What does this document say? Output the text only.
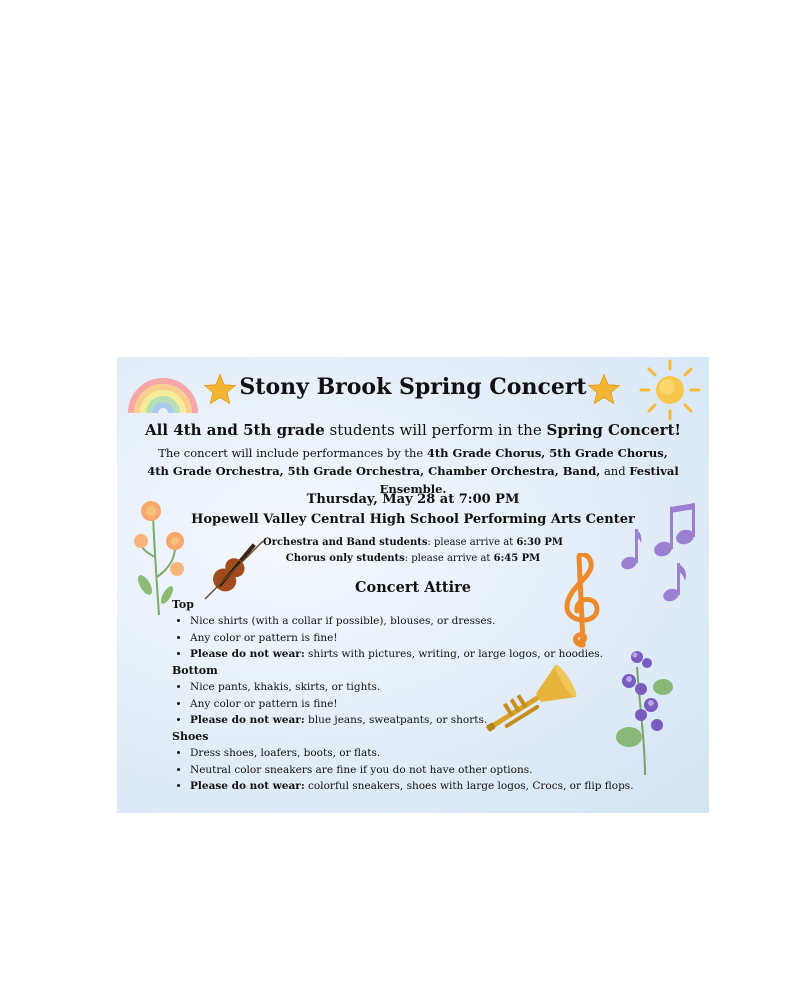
Stony Brook Spring Concert
All 4th and 5th grade students will perform in the Spring Concert!
The concert will include performances by the 4th Grade Chorus, 5th Grade Chorus,
4th Grade Orchestra, 5th Grade Orchestra, Chamber Orchestra, Band, and Festival Ensemble.
Thursday, May 28 at 7:00 PM
Hopewell Valley Central High School Performing Arts Center
Orchestra and Band students: please arrive at 6:30 PM
Chorus only students: please arrive at 6:45 PM
Concert Attire
Top
• Nice shirts (with a collar if possible), blouses, or dresses.
• Any color or pattern is fine!
• Please do not wear: shirts with pictures, writing, or large logos, or hoodies.
Bottom
• Nice pants, khakis, skirts, or tights.
• Any color or pattern is fine!
• Please do not wear: blue jeans, sweatpants, or shorts.
Shoes
• Dress shoes, loafers, boots, or flats.
• Neutral color sneakers are fine if you do not have other options.
• Please do not wear: colorful sneakers, shoes with large logos, Crocs, or flip flops.
